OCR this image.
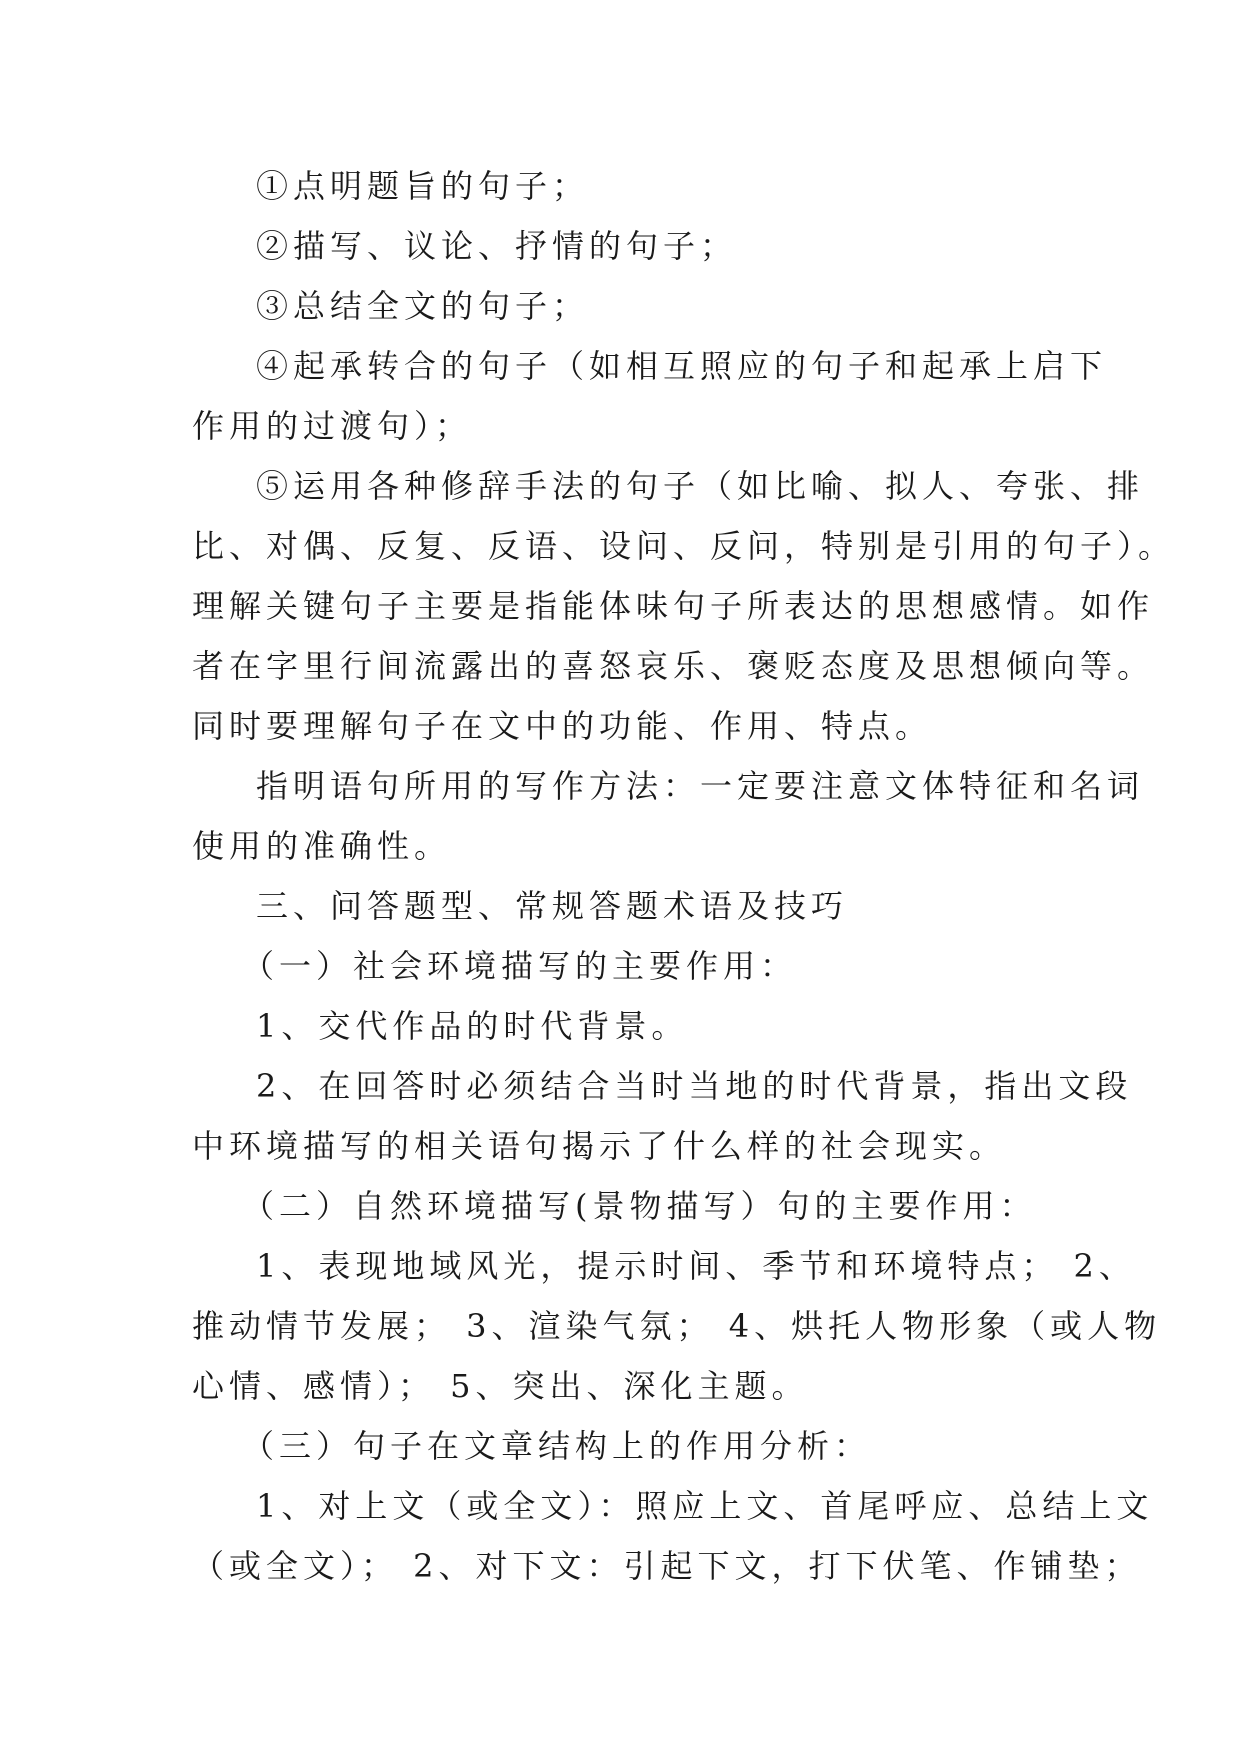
①点明题旨的句子；

②描写、议论、抒情的句子；

③总结全文的句子；

④起承转合的句子（如相互照应的句子和起承上启下

作用的过渡句）；

⑤运用各种修辞手法的句子（如比喻、拟人、夸张、排

比、对偶、反复、反语、设问、反问，特别是引用的句子）。

理解关键句子主要是指能体味句子所表达的思想感情。如作

者在字里行间流露出的喜怒哀乐、褒贬态度及思想倾向等。

同时要理解句子在文中的功能、作用、特点。

指明语句所用的写作方法：一定要注意文体特征和名词

使用的准确性。

三、问答题型、常规答题术语及技巧

（一）社会环境描写的主要作用：

1、交代作品的时代背景。

2、在回答时必须结合当时当地的时代背景，指出文段

中环境描写的相关语句揭示了什么样的社会现实。

（二）自然环境描写(景物描写）句的主要作用：

1、表现地域风光，提示时间、季节和环境特点； 2、

推动情节发展； 3、渲染气氛； 4、烘托人物形象（或人物

心情、感情）； 5、突出、深化主题。

（三）句子在文章结构上的作用分析：

1、对上文（或全文）：照应上文、首尾呼应、总结上文

（或全文）； 2、对下文：引起下文，打下伏笔、作铺垫；
